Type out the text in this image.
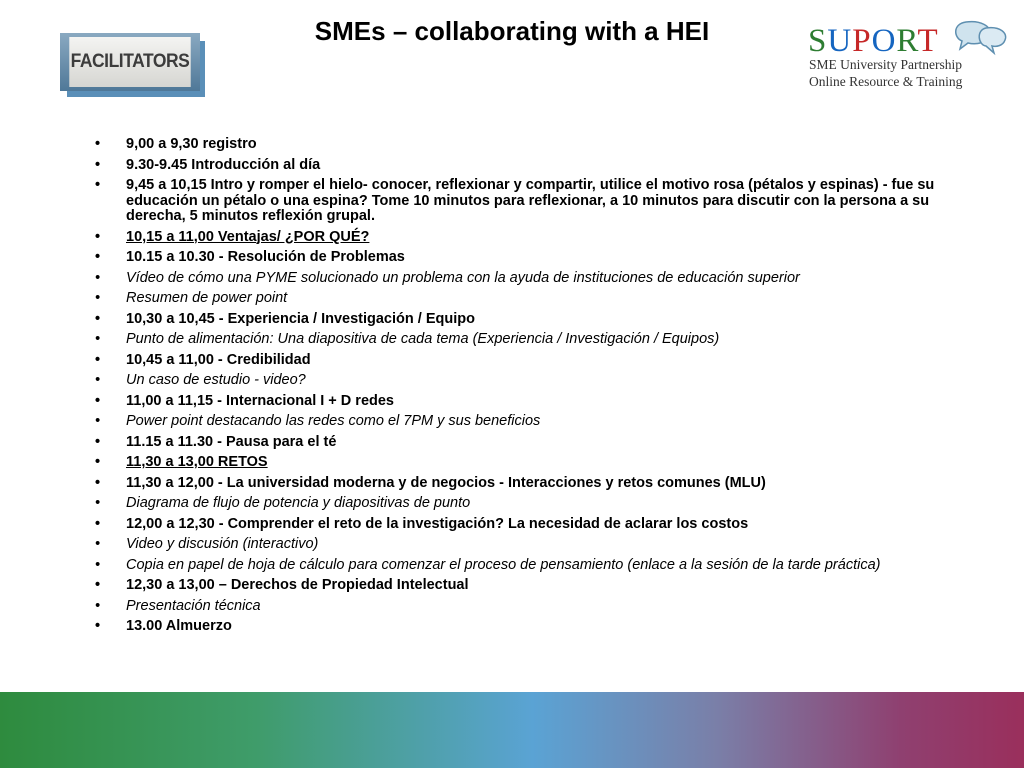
FACILITATORS
SMEs – collaborating with a HEI	SUPORT
SME University Partnership
Online Resource & Training
• 9,00 a 9,30 registro
• 9.30-9.45 Introducción al día
• 9,45 a 10,15 Intro y romper el hielo- conocer, reflexionar y compartir, utilice el motivo rosa (pétalos y espinas) - fue su educación un pétalo o una espina? Tome 10 minutos para reflexionar, a 10 minutos para discutir con la persona a su derecha, 5 minutos reflexión grupal.
• 10,15 a 11,00 Ventajas/ ¿POR QUÉ?
• 10.15 a 10.30 - Resolución de Problemas
• Vídeo de cómo una PYME solucionado un problema con la ayuda de instituciones de educación superior
• Resumen de power point
• 10,30 a 10,45 - Experiencia / Investigación / Equipo
• Punto de alimentación: Una diapositiva de cada tema (Experiencia / Investigación / Equipos)
• 10,45 a 11,00 - Credibilidad
• Un caso de estudio - video?
• 11,00 a 11,15 - Internacional I + D redes
• Power point destacando las redes como el 7PM y sus beneficios
• 11.15 a 11.30 - Pausa para el té
• 11,30 a 13,00 RETOS
• 11,30 a 12,00 - La universidad moderna y de negocios - Interacciones y retos comunes (MLU)
• Diagrama de flujo de potencia y diapositivas de punto
• 12,00 a 12,30 - Comprender el reto de la investigación? La necesidad de aclarar los costos
• Video y discusión (interactivo)
• Copia en papel de hoja de cálculo para comenzar el proceso de pensamiento (enlace a la sesión de la tarde práctica)
• 12,30 a 13,00 – Derechos de Propiedad Intelectual
• Presentación técnica
• 13.00 Almuerzo
